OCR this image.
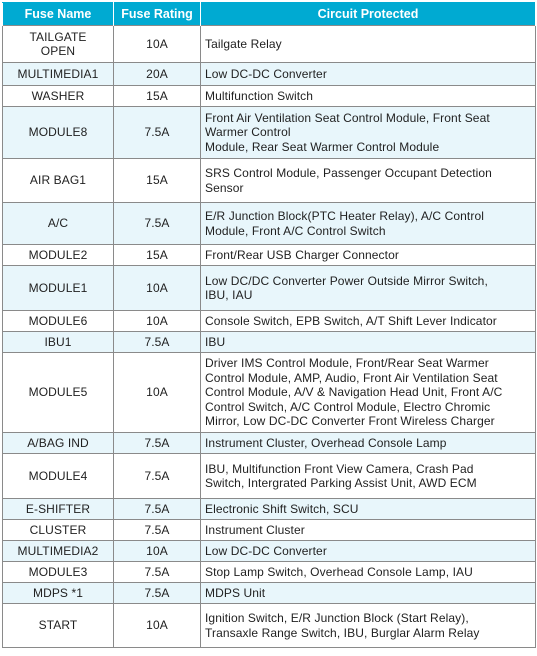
Fuse Name	Fuse Rating	Circuit Protected
TAILGATE
OPEN	10A	Tailgate Relay
MULTIMEDIA1	20A	Low DC-DC Converter
WASHER	15A	Multifunction Switch
MODULE8	7.5A	Front Air Ventilation Seat Control Module, Front Seat
Warmer Control
Module, Rear Seat Warmer Control Module
AIR BAG1	15A	SRS Control Module, Passenger Occupant Detection
Sensor
A/C	7.5A	E/R Junction Block(PTC Heater Relay), A/C Control
Module, Front A/C Control Switch
MODULE2	15A	Front/Rear USB Charger Connector
MODULE1	10A	Low DC/DC Converter Power Outside Mirror Switch,
IBU, IAU
MODULE6	10A	Console Switch, EPB Switch, A/T Shift Lever Indicator
IBU1	7.5A	IBU
MODULE5	10A	Driver IMS Control Module, Front/Rear Seat Warmer
Control Module, AMP, Audio, Front Air Ventilation Seat
Control Module, A/V & Navigation Head Unit, Front A/C
Control Switch, A/C Control Module, Electro Chromic
Mirror, Low DC-DC Converter Front Wireless Charger
A/BAG IND	7.5A	Instrument Cluster, Overhead Console Lamp
MODULE4	7.5A	IBU, Multifunction Front View Camera, Crash Pad
Switch, Intergrated Parking Assist Unit, AWD ECM
E-SHIFTER	7.5A	Electronic Shift Switch, SCU
CLUSTER	7.5A	Instrument Cluster
MULTIMEDIA2	10A	Low DC-DC Converter
MODULE3	7.5A	Stop Lamp Switch, Overhead Console Lamp, IAU
MDPS *1	7.5A	MDPS Unit
START	10A	Ignition Switch, E/R Junction Block (Start Relay),
Transaxle Range Switch, IBU, Burglar Alarm Relay
